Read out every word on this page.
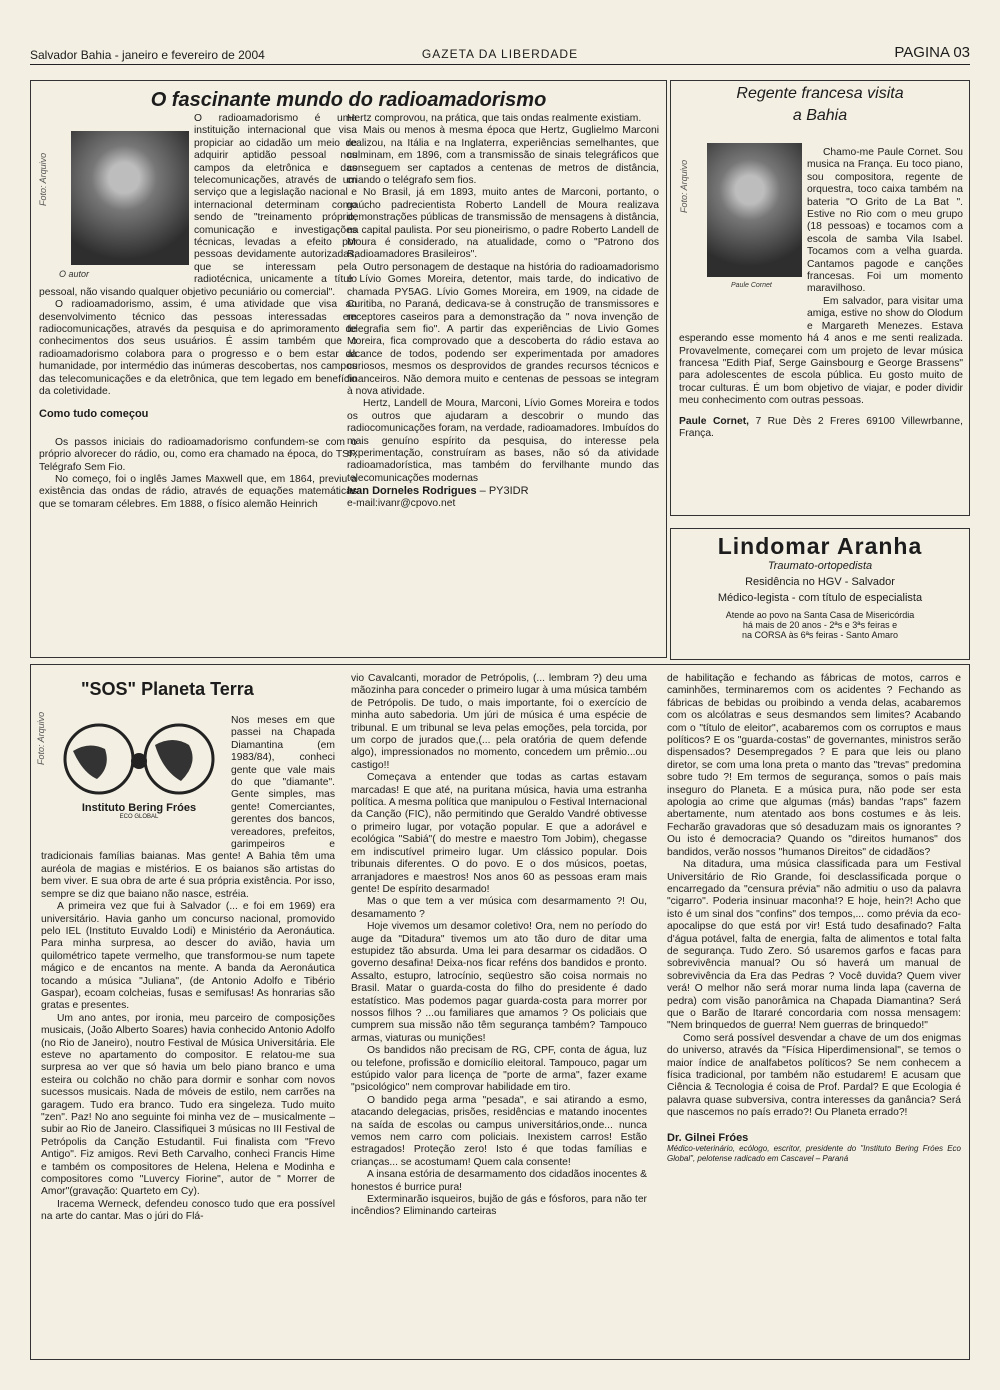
Salvador Bahia - janeiro e fevereiro de 2004	GAZETA DA LIBERDADE	PAGINA 03
O fascinante mundo do radioamadorismo
Foto: Arquivo
O autor

O radioamadorismo é uma instituição internacional que visa propiciar ao cidadão um meio de adquirir aptidão pessoal nos campos da eletrônica e das telecomunicações, através de um serviço que a legislação nacional e internacional determinam como sendo de "treinamento próprio, comunicação e investigações técnicas, levadas a efeito por pessoas devidamente autorizadas, que se interessam pela radiotécnica, unicamente a título pessoal, não visando qualquer objetivo pecuniário ou comercial".

O radioamadorismo, assim, é uma atividade que visa ao desenvolvimento técnico das pessoas interessadas em radiocomunicações, através da pesquisa e do aprimoramento de conhecimentos dos seus usuários. É assim também que o radioamadorismo colabora para o progresso e o bem estar da humanidade, por intermédio das inúmeras descobertas, nos campos das telecomunicações e da eletrônica, que tem legado em benefício da coletividade.

Como tudo começou

Os passos iniciais do radioamadorismo confundem-se com o próprio alvorecer do rádio, ou, como era chamado na época, do TSF, Telégrafo Sem Fio.

No começo, foi o inglês James Maxwell que, em 1864, previu a existência das ondas de rádio, através de equações matemáticas que se tomaram célebres. Em 1888, o físico alemão Heinrich

Hertz comprovou, na prática, que tais ondas realmente existiam.

Mais ou menos à mesma época que Hertz, Guglielmo Marconi realizou, na Itália e na Inglaterra, experiências semelhantes, que culminam, em 1896, com a transmissão de sinais telegráficos que conseguem ser captados a centenas de metros de distância, criando o telégrafo sem fios.

No Brasil, já em 1893, muito antes de Marconi, portanto, o gaúcho padrecientista Roberto Landell de Moura realizava demonstrações públicas de transmissão de mensagens à distância, na capital paulista. Por seu pioneirismo, o padre Roberto Landell de Moura é considerado, na atualidade, como o "Patrono dos Radioamadores Brasileiros".

Outro personagem de destaque na história do radioamadorismo é Lívio Gomes Moreira, detentor, mais tarde, do indicativo de chamada PY5AG. Lívio Gomes Moreira, em 1909, na cidade de Curitiba, no Paraná, dedicava-se à construção de transmissores e receptores caseiros para a demonstração da " nova invenção de telegrafia sem fio". A partir das experiências de Livio Gomes Moreira, fica comprovado que a descoberta do rádio estava ao alcance de todos, podendo ser experimentada por amadores curiosos, mesmos os desprovidos de grandes recursos técnicos e financeiros. Não demora muito e centenas de pessoas se integram à nova atividade.

Hertz, Landell de Moura, Marconi, Lívio Gomes Moreira e todos os outros que ajudaram a descobrir o mundo das radiocomunicações foram, na verdade, radioamadores. Imbuídos do mais genuíno espírito da pesquisa, do interesse pela experimentação, construíram as bases, não só da atividade radioamadorística, mas também do fervilhante mundo das telecomunicações modernas

Ivan Dorneles Rodrigues – PY3IDR
e-mail:ivanr@cpovo.net
Regente francesa visita a Bahia
Foto: Arquivo
Paule Cornet

Chamo-me Paule Cornet. Sou musica na França. Eu toco piano, sou compositora, regente de orquestra, toco caixa também na bateria "O Grito de La Bat ". Estive no Rio com o meu grupo (18 pessoas) e tocamos com a escola de samba Vila Isabel. Tocamos com a velha guarda. Cantamos pagode e canções francesas. Foi um momento maravilhoso.

Em salvador, para visitar uma amiga, estive no show do Olodum e Margareth Menezes. Estava esperando esse momento há 4 anos e me senti realizada. Provavelmente, começarei com um projeto de levar música francesa "Edith Piaf, Serge Gainsbourg e George Brassens" para adolescentes de escola pública. Eu gosto muito de trocar culturas. É um bom objetivo de viajar, e poder dividir meu conhecimento com outras pessoas.

Paule Cornet, 7 Rue Dès 2 Freres 69100 Villewrbanne, França.

Lindomar Aranha
Traumato-ortopedista
Residência no HGV - Salvador
Médico-legista - com título de especialista
Atende ao povo na Santa Casa de Misericórdia
há mais de 20 anos - 2ªs e 3ªs feiras e
na CORSA às 6ªs feiras - Santo Amaro
"SOS" Planeta Terra
Foto: Arquivo
Instituto Bering Fróes
ECO GLOBAL

Nos meses em que passei na Chapada Diamantina (em 1983/84), conheci gente que vale mais do que "diamante". Gente simples, mas gente! Comerciantes, gerentes dos bancos, vereadores, prefeitos, garimpeiros e tradicionais famílias baianas. Mas gente! A Bahia têm uma auréola de magias e mistérios. E os baianos são artistas do bem viver. E sua obra de arte é sua própria existência. Por isso, sempre se diz que baiano não nasce, estréia.

A primeira vez que fui à Salvador (... e foi em 1969) era universitário. Havia ganho um concurso nacional, promovido pelo IEL (Instituto Euvaldo Lodi) e Ministério da Aeronáutica. Para minha surpresa, ao descer do avião, havia um quilométrico tapete vermelho, que transformou-se num tapete mágico e de encantos na mente. A banda da Aeronáutica tocando a música "Juliana", (de Antonio Adolfo e Tibério Gaspar), ecoam colcheias, fusas e semifusas! As honrarias são gratas e presentes.

Um ano antes, por ironia, meu parceiro de composições musicais, (João Alberto Soares) havia conhecido Antonio Adolfo (no Rio de Janeiro), noutro Festival de Música Universitária. Ele esteve no apartamento do compositor. E relatou-me sua surpresa ao ver que só havia um belo piano branco e uma esteira ou colchão no chão para dormir e sonhar com novos sucessos musicais. Nada de móveis de estilo, nem carrões na garagem. Tudo era branco. Tudo era singeleza. Tudo muito "zen". Paz! No ano seguinte foi minha vez de – musicalmente – subir ao Rio de Janeiro. Classifiquei 3 músicas no III Festival de Petrópolis da Canção Estudantil. Fui finalista com "Frevo Antigo". Fiz amigos. Revi Beth Carvalho, conheci Francis Hime e também os compositores de Helena, Helena e Modinha e compositores como "Luvercy Fiorine", autor de " Morrer de Amor"(gravação: Quarteto em Cy).

Iracema Werneck, defendeu conosco tudo que era possível na arte do cantar. Mas o júri do Flá-

vio Cavalcanti, morador de Petrópolis, (... lembram ?) deu uma mãozinha para conceder o primeiro lugar à uma música também de Petrópolis. De tudo, o mais importante, foi o exercício de minha auto sabedoria. Um júri de música é uma espécie de tribunal. E um tribunal se leva pelas emoções, pela torcida, por um corpo de jurados que,(... pela oratória de quem defende algo), impressionados no momento, concedem um prêmio...ou castigo!!

Começava a entender que todas as cartas estavam marcadas! E que até, na puritana música, havia uma estranha política. A mesma política que manipulou o Festival Internacional da Canção (FIC), não permitindo que Geraldo Vandré obtivesse o primeiro lugar, por votação popular. E que a adorável e ecológica "Sabiá"( do mestre e maestro Tom Jobim), chegasse em indiscutível primeiro lugar. Um clássico popular. Dois tribunais diferentes. O do povo. E o dos músicos, poetas, arranjadores e maestros! Nos anos 60 as pessoas eram mais gente! De espírito desarmado!

Mas o que tem a ver música com desarmamento ?! Ou, desamamento ?

Hoje vivemos um desamor coletivo! Ora, nem no período do auge da "Ditadura" tivemos um ato tão duro de ditar uma estupidez tão absurda. Uma lei para desarmar os cidadãos. O governo desafina! Deixa-nos ficar reféns dos bandidos e pronto. Assalto, estupro, latrocínio, seqüestro são coisa normais no Brasil. Matar o guarda-costa do filho do presidente é dado estatístico. Mas podemos pagar guarda-costa para morrer por nossos filhos ? ...ou familiares que amamos ? Os policiais que cumprem sua missão não têm segurança também? Tampouco armas, viaturas ou munições!

Os bandidos não precisam de RG, CPF, conta de água, luz ou telefone, profissão e domicílio eleitoral. Tampouco, pagar um estúpido valor para licença de "porte de arma", fazer exame "psicológico" nem comprovar habilidade em tiro.

O bandido pega arma "pesada", e sai atirando a esmo, atacando delegacias, prisões, residências e matando inocentes na saída de escolas ou campus universitários,onde... nunca vemos nem carro com policiais. Inexistem carros! Estão estragados! Proteção zero! Isto é que todas famílias e crianças... se acostumam! Quem cala consente!

A insana estória de desarmamento dos cidadãos inocentes & honestos é burrice pura!

Exterminarão isqueiros, bujão de gás e fósforos, para não ter incêndios? Eliminando carteiras

de habilitação e fechando as fábricas de motos, carros e caminhões, terminaremos com os acidentes ? Fechando as fábricas de bebidas ou proibindo a venda delas, acabaremos com os alcólatras e seus desmandos sem limites? Acabando com o "título de eleitor", acabaremos com os corruptos e maus políticos? E os "guarda-costas" de governantes, ministros serão dispensados? Desempregados ? E para que leis ou plano diretor, se com uma lona preta o manto das "trevas" predomina sobre tudo ?! Em termos de segurança, somos o país mais inseguro do Planeta. E a música pura, não pode ser esta apologia ao crime que algumas (más) bandas "raps" fazem abertamente, num atentado aos bons costumes e às leis. Fecharão gravadoras que só desaduzam mais os ignorantes ? Ou isto é democracia? Quando os "direitos humanos" dos bandidos, verão nossos "humanos Direitos" de cidadãos?

Na ditadura, uma música classificada para um Festival Universitário de Rio Grande, foi desclassificada porque o encarregado da "censura prévia" não admitiu o uso da palavra "cigarro". Poderia insinuar maconha!? E hoje, hein?! Acho que isto é um sinal dos "confins" dos tempos,... como prévia da eco-apocalipse do que está por vir! Está tudo desafinado? Falta d'água potável, falta de energia, falta de alimentos e total falta de segurança. Tudo Zero. Só usaremos garfos e facas para sobrevivência manual? Ou só haverá um manual de sobrevivência da Era das Pedras ? Você duvida? Quem viver verá! O melhor não será morar numa linda lapa (caverna de pedra) com visão panorâmica na Chapada Diamantina? Será que o Barão de Itararé concordaria com nossa mensagem: "Nem brinquedos de guerra! Nem guerras de brinquedo!"

Como será possível desvendar a chave de um dos enigmas do universo, através da "Física Hiperdimensional", se temos o maior índice de analfabetos políticos? Se nem conhecem a física tradicional, por também não estudarem! E acusam que Ciência & Tecnologia é coisa de Prof. Pardal? E que Ecologia é palavra quase subversiva, contra interesses da ganância? Será que nascemos no país errado?! Ou Planeta errado?!

Dr. Gilnei Fróes
Médico-veterinário, ecólogo, escritor, presidente do "Instituto Bering Fróes Eco Global", pelotense radicado em Cascavel – Paraná
